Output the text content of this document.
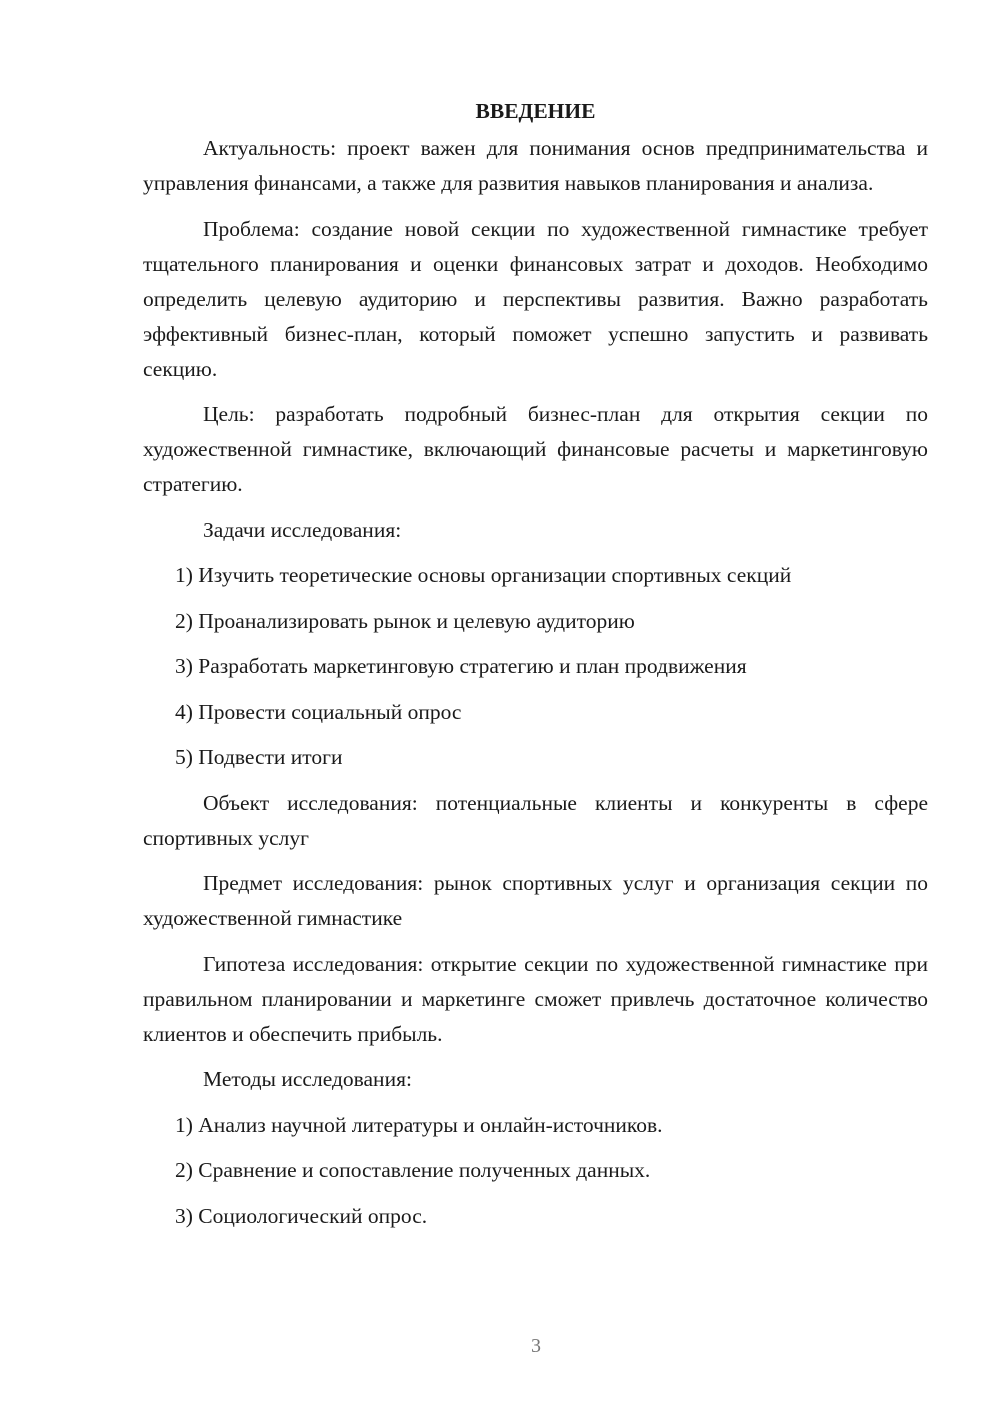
ВВЕДЕНИЕ

Актуальность: проект важен для понимания основ предпринимательства и управления финансами, а также для развития навыков планирования и анализа.

Проблема: создание новой секции по художественной гимнастике требует тщательного планирования и оценки финансовых затрат и доходов. Необходимо определить целевую аудиторию и перспективы развития. Важно разработать эффективный бизнес-план, который поможет успешно запустить и развивать секцию.

Цель: разработать подробный бизнес-план для открытия секции по художественной гимнастике, включающий финансовые расчеты и маркетинговую стратегию.

Задачи исследования:

1) Изучить теоретические основы организации спортивных секций
2) Проанализировать рынок и целевую аудиторию
3) Разработать маркетинговую стратегию и план продвижения
4) Провести социальный опрос
5) Подвести итоги

Объект исследования: потенциальные клиенты и конкуренты в сфере спортивных услуг

Предмет исследования: рынок спортивных услуг и организация секции по художественной гимнастике

Гипотеза исследования: открытие секции по художественной гимнастике при правильном планировании и маркетинге сможет привлечь достаточное количество клиентов и обеспечить прибыль.

Методы исследования:

1) Анализ научной литературы и онлайн-источников.
2) Сравнение и сопоставление полученных данных.
3) Социологический опрос.
3
